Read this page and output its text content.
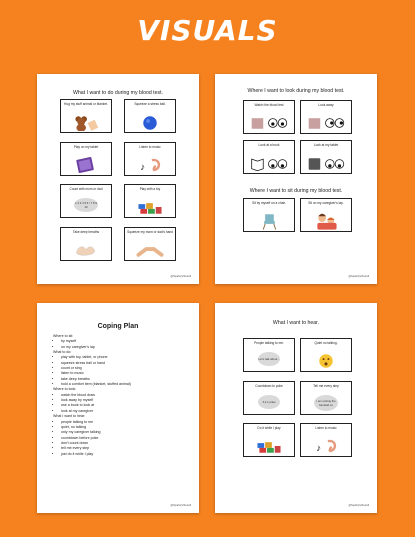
VISUALS
What I want to do during my blood test.
Hug my stuff animal or blanket.	Squeeze a stress ball.
Play on my tablet	Listen to music
♪
Count with mom or dad
1 2 3 4 5 6 / 7 8 9 10
Play with a toy
Take deep breaths	Squeeze my mom or dad's hand
@SparklyVibesAll
Where I want to look during my blood test.
Watch the blood test	Look away
Look at a book	Look at my tablet
Where I want to sit during my blood test.
Sit by myself on a chair.	Sit on my caregiver's lap.
@SparklyVibesAll
Coping Plan
Where to sit:
• by myself
• on my caregiver's lap
What to do:
• play with toy, tablet, or phone
• squeeze stress ball or hand
• count or sing
• listen to music
• take deep breaths
• hold a comfort item (blanket, stuffed animal)
Where to look:
• watch the blood draw
• look away by myself
• use a book to look at
• look at my caregiver
What I want to hear:
• people talking to me
• quiet, no talking
• only my caregiver talking
• countdown before poke
• don't count down
• tell me every step
• just do it while I play
@SparklyVibesAll
What I want to hear.
People talking to me.
Let's talk about...
Quiet no talking.
Countdown to poke
3,2,1 poke
Tell me every step
I am putting the bandaid on
Do it while I play	Listen to music
♪
@SparklyVibesAll
